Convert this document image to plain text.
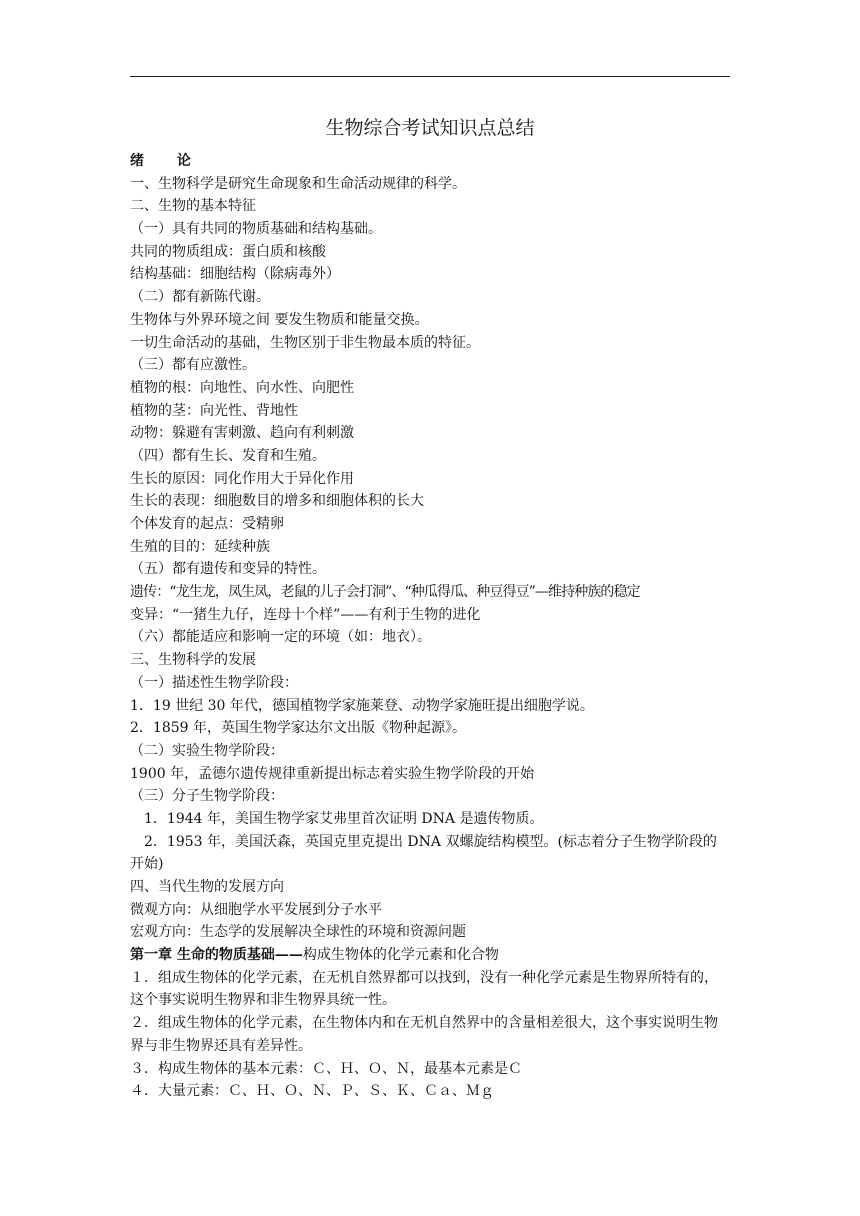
生物综合考试知识点总结
绪 论
一、生物科学是研究生命现象和生命活动规律的科学。
二、生物的基本特征
（一）具有共同的物质基础和结构基础。
共同的物质组成：蛋白质和核酸
结构基础：细胞结构（除病毒外）
（二）都有新陈代谢。
生物体与外界环境之间 要发生物质和能量交换。
一切生命活动的基础，生物区别于非生物最本质的特征。
（三）都有应激性。
植物的根：向地性、向水性、向肥性
植物的茎：向光性、背地性
动物：躲避有害刺激、趋向有利刺激
（四）都有生长、发育和生殖。
生长的原因：同化作用大于异化作用
生长的表现：细胞数目的增多和细胞体积的长大
个体发育的起点：受精卵
生殖的目的：延续种族
（五）都有遗传和变异的特性。
遗传：“龙生龙，凤生凤，老鼠的儿子会打洞”、“种瓜得瓜、种豆得豆”—维持种族的稳定
变异：“一猪生九仔，连母十个样”——有利于生物的进化
（六）都能适应和影响一定的环境（如：地衣）。
三、生物科学的发展
（一）描述性生物学阶段：
1．19 世纪 30 年代，德国植物学家施莱登、动物学家施旺提出细胞学说。
2．1859 年，英国生物学家达尔文出版《物种起源》。
（二）实验生物学阶段：
1900 年，孟德尔遗传规律重新提出标志着实验生物学阶段的开始
（三）分子生物学阶段：
1．1944 年，美国生物学家艾弗里首次证明 DNA 是遗传物质。
2．1953 年，美国沃森，英国克里克提出 DNA 双螺旋结构模型。(标志着分子生物学阶段的开始)
四、当代生物的发展方向
微观方向：从细胞学水平发展到分子水平
宏观方向：生态学的发展解决全球性的环境和资源问题
第一章 生命的物质基础——构成生物体的化学元素和化合物
１．组成生物体的化学元素，在无机自然界都可以找到，没有一种化学元素是生物界所特有的，这个事实说明生物界和非生物界具统一性。
２．组成生物体的化学元素，在生物体内和在无机自然界中的含量相差很大，这个事实说明生物界与非生物界还具有差异性。
３．构成生物体的基本元素：Ｃ、Ｈ、Ｏ、Ｎ，最基本元素是Ｃ
４．大量元素：Ｃ、Ｈ、Ｏ、Ｎ、Ｐ、Ｓ、Ｋ、Ｃａ、Ｍｇ
